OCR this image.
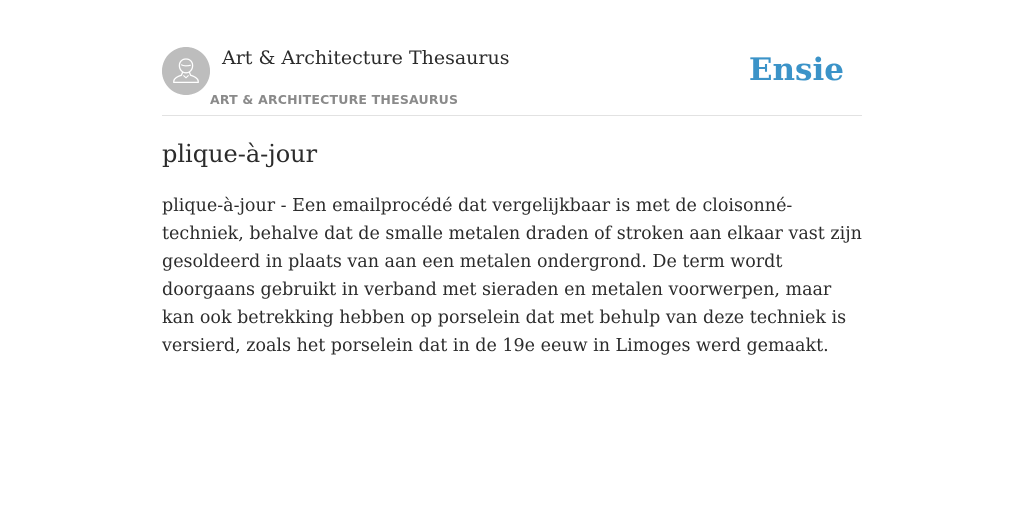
Art & Architecture Thesaurus
ART & ARCHITECTURE THESAURUS
Ensie
plique-à-jour

plique-à-jour - Een emailprocédé dat vergelijkbaar is met de cloisonné-techniek, behalve dat de smalle metalen draden of stroken aan elkaar vast zijn gesoldeerd in plaats van aan een metalen ondergrond. De term wordt doorgaans gebruikt in verband met sieraden en metalen voorwerpen, maar kan ook betrekking hebben op porselein dat met behulp van deze techniek is versierd, zoals het porselein dat in de 19e eeuw in Limoges werd gemaakt.
